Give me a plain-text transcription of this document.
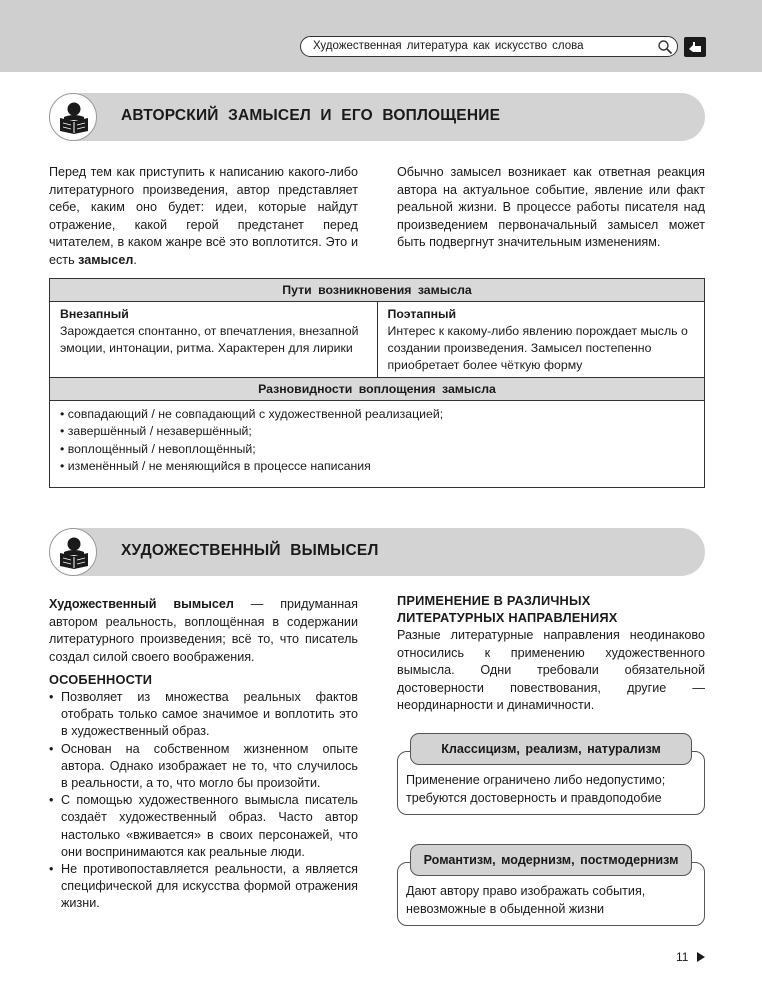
Художественная литература как искусство слова
АВТОРСКИЙ ЗАМЫСЕЛ И ЕГО ВОПЛОЩЕНИЕ
Перед тем как приступить к написанию какого-либо литературного произведения, автор представляет себе, каким оно будет: идеи, которые найдут отражение, какой герой предстанет перед читателем, в каком жанре всё это воплотится. Это и есть замысел.
Обычно замысел возникает как ответная реакция автора на актуальное событие, явление или факт реальной жизни. В процессе работы писателя над произведением первоначальный замысел может быть подвергнут значительным изменениям.
Пути возникновения замысла

Внезапный
Зарождается спонтанно, от впечатления, внезапной эмоции, интонации, ритма. Характерен для лирики	
Поэтапный
Интерес к какому-либо явлению порождает мысль о создании произведения. Замысел постепенно приобретает более чёткую форму
Разновидности воплощения замысла

• совпадающий / не совпадающий с художественной реализацией;
• завершённый / незавершённый;
• воплощённый / невоплощённый;
• изменённый / не меняющийся в процессе написания
ХУДОЖЕСТВЕННЫЙ ВЫМЫСЕЛ
Художественный вымысел — придуманная автором реальность, воплощённая в содержании литературного произведения; всё то, что писатель создал силой своего воображения.
ОСОБЕННОСТИ
• Позволяет из множества реальных фактов отобрать только самое значимое и воплотить это в художественный образ.
• Основан на собственном жизненном опыте автора. Однако изображает не то, что случилось в реальности, а то, что могло бы произойти.
• С помощью художественного вымысла писатель создаёт художественный образ. Часто автор настолько «вживается» в своих персонажей, что они воспринимаются как реальные люди.
• Не противопоставляется реальности, а является специфической для искусства формой отражения жизни.
ПРИМЕНЕНИЕ В РАЗЛИЧНЫХ
ЛИТЕРАТУРНЫХ НАПРАВЛЕНИЯХ
Разные литературные направления неодинаково относились к применению художественного вымысла. Одни требовали обязательной достоверности повествования, другие — неординарности и динамичности.
Классицизм, реализм, натурализм
Применение ограничено либо недопустимо; требуются достоверность и правдоподобие
Романтизм, модернизм, постмодернизм
Дают автору право изображать события, невозможные в обыденной жизни
11
